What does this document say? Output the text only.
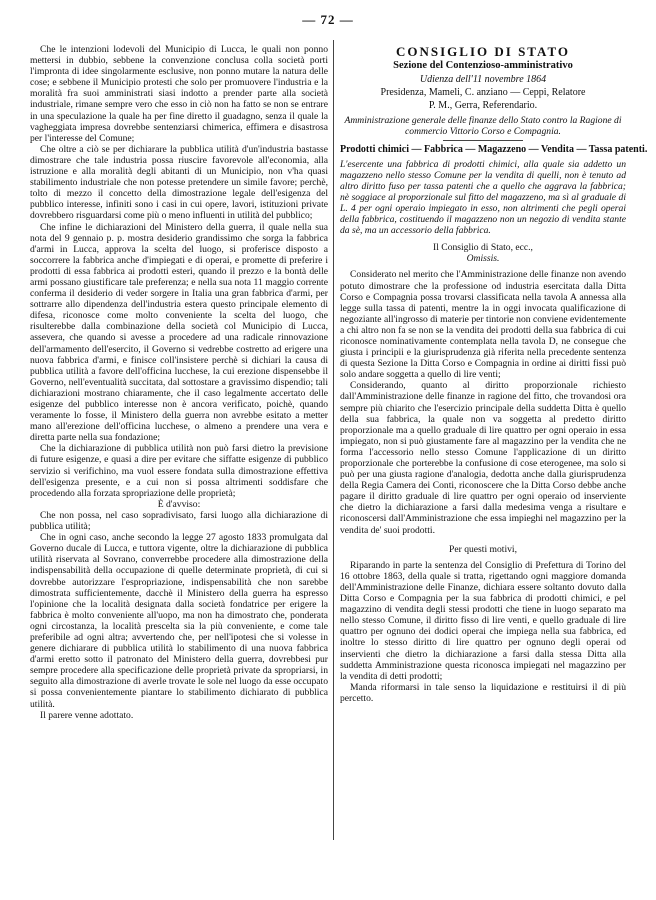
— 72 —

Che le intenzioni lodevoli del Municipio di Lucca, le quali non ponno mettersi in dubbio, sebbene la convenzione conclusa colla società porti l'impronta di idee singolarmente esclusive, non ponno mutare la natura delle cose; e sebbene il Municipio protesti che solo per promuovere l'industria e la moralità fra suoi amministrati siasi indotto a prender parte alla società industriale, rimane sempre vero che esso in ciò non ha fatto se non se entrare in una speculazione la quale ha per fine diretto il guadagno, senza il quale la vagheggiata impresa dovrebbe sentenziarsi chimerica, effimera e disastrosa per l'interesse del Comune;

Che oltre a ciò se per dichiarare la pubblica utilità d'un'industria bastasse dimostrare che tale industria possa riuscire favorevole all'economia, alla istruzione e alla moralità degli abitanti di un Municipio, non v'ha quasi stabilimento industriale che non potesse pretendere un simile favore; perchè, tolto di mezzo il concetto della dimostrazione legale dell'esigenza del pubblico interesse, infiniti sono i casi in cui opere, lavori, istituzioni private dovrebbero risguardarsi come più o meno influenti in utilità del pubblico;

Che infine le dichiarazioni del Ministero della guerra, il quale nella sua nota del 9 gennaio p. p. mostra desiderio grandissimo che sorga la fabbrica d'armi in Lucca, approva la scelta del luogo, si proferisce disposto a soccorrere la fabbrica anche d'impiegati e di operai, e promette di preferire i prodotti di essa fabbrica ai prodotti esteri, quando il prezzo e la bontà delle armi possano giustificare tale preferenza; e nella sua nota 11 maggio corrente conferma il desiderio di veder sorgere in Italia una gran fabbrica d'armi, per sottrarre allo dipendenza dell'industria estera questo principale elemento di difesa, riconosce come molto conveniente la scelta del luogo, che risulterebbe dalla combinazione della società col Municipio di Lucca, assevera, che quando si avesse a procedere ad una radicale rinnovazione dell'armamento dell'esercito, il Governo si vedrebbe costretto ad erigere una nuova fabbrica d'armi, e finisce coll'insistere perchè si dichiari la causa di pubblica utilità a favore dell'officina lucchese, la cui erezione dispensebbe il Governo, nell'eventualità succitata, dal sottostare a gravissimo dispendio; tali dichiarazioni mostrano chiaramente, che il caso legalmente accertato delle esigenze del pubblico interesse non è ancora verificato, poichè, quando veramente lo fosse, il Ministero della guerra non avrebbe esitato a metter mano all'erezione dell'officina lucchese, o almeno a prendere una vera e diretta parte nella sua fondazione;

Che la dichiarazione di pubblica utilità non può farsi dietro la previsione di future esigenze, e quasi a dire per evitare che siffatte esigenze di pubblico servizio si verifichino, ma vuol essere fondata sulla dimostrazione effettiva dell'esigenza presente, e a cui non si possa altrimenti soddisfare che procedendo alla forzata spropriazione delle proprietà;

È d'avviso:

Che non possa, nel caso sopradivisato, farsi luogo alla dichiarazione di pubblica utilità;

Che in ogni caso, anche secondo la legge 27 agosto 1833 promulgata dal Governo ducale di Lucca, e tuttora vigente, oltre la dichiarazione di pubblica utilità riservata al Sovrano, converrebbe procedere alla dimostrazione della indispensabilità della occupazione di quelle determinate proprietà, di cui si dovrebbe autorizzare l'espropriazione, indispensabilità che non sarebbe dimostrata sufficientemente, dacchè il Ministero della guerra ha espresso l'opinione che la località designata dalla società fondatrice per erigere la fabbrica è molto conveniente all'uopo, ma non ha dimostrato che, ponderata ogni circostanza, la località prescelta sia la più conveniente, e come tale preferibile ad ogni altra; avvertendo che, per nell'ipotesi che si volesse in genere dichiarare di pubblica utilità lo stabilimento di una nuova fabbrica d'armi eretto sotto il patronato del Ministero della guerra, dovrebbesi pur sempre procedere alla specificazione delle proprietà private da spropriarsi, in seguito alla dimostrazione di averle trovate le sole nel luogo da esse occupato si possa convenientemente piantare lo stabilimento dichiarato di pubblica utilità.

Il parere venne adottato.

CONSIGLIO DI STATO
Sezione del Contenzioso-amministrativo
Udienza dell'11 novembre 1864
Presidenza, Mameli, C. anziano — Ceppi, Relatore
P. M., Gerra, Referendario.
Amministrazione generale delle finanze dello Stato contro la Ragione di commercio Vittorio Corso e Compagnia.
Prodotti chimici — Fabbrica — Magazzeno — Vendita — Tassa patenti.
L'esercente una fabbrica di prodotti chimici, alla quale sia addetto un magazzeno nello stesso Comune per la vendita di quelli, non è tenuto ad altro diritto fuso per tassa patenti che a quello che aggrava la fabbrica; nè soggiace al proporzionale sul fitto del magazzeno, ma sì al graduale di L. 4 per ogni operaio impiegato in esso, non altrimenti che pegli operai della fabbrica, costituendo il magazzeno non un negozio di vendita stante da sè, ma un accessorio della fabbrica.

Il Consiglio di Stato, ecc.,

Omissis.

Considerato nel merito che l'Amministrazione delle finanze non avendo potuto dimostrare che la professione od industria esercitata dalla Ditta Corso e Compagnia possa trovarsi classificata nella tavola A annessa alla legge sulla tassa di patenti, mentre la in oggi invocata qualificazione di negoziante all'ingrosso di materie per tintorie non conviene evidentemente a chi altro non fa se non se la vendita dei prodotti della sua fabbrica di cui riconosce nominativamente contemplata nella tavola D, ne consegue che giusta i principii e la giurisprudenza già riferita nella precedente sentenza di questa Sezione la Ditta Corso e Compagnia in ordine ai diritti fissi può solo andare soggetta a quello di lire venti;

Considerando, quanto al diritto proporzionale richiesto dall'Amministrazione delle finanze in ragione del fitto, che trovandosi ora sempre più chiarito che l'esercizio principale della suddetta Ditta è quello della sua fabbrica, la quale non va soggetta al predetto diritto proporzionale ma a quello graduale di lire quattro per ogni operaio in essa impiegato, non si può giustamente fare al magazzino per la vendita che ne forma l'accessorio nello stesso Comune l'applicazione di un diritto proporzionale che porterebbe la confusione di cose eterogenee, ma solo si può per una giusta ragione d'analogia, dedotta anche dalla giurisprudenza della Regia Camera dei Conti, riconoscere che la Ditta Corso debbe anche pagare il diritto graduale di lire quattro per ogni operaio od inserviente che dietro la dichiarazione a farsi dalla medesima venga a risultare e riconoscersi dall'Amministrazione che essa impieghi nel magazzino per la vendita de' suoi prodotti.

Per questi motivi,

Riparando in parte la sentenza del Consiglio di Prefettura di Torino del 16 ottobre 1863, della quale si tratta, rigettando ogni maggiore domanda dell'Amministrazione delle Finanze, dichiara essere soltanto dovuto dalla Ditta Corso e Compagnia per la sua fabbrica di prodotti chimici, e pel magazzino di vendita degli stessi prodotti che tiene in luogo separato ma nello stesso Comune, il diritto fisso di lire venti, e quello graduale di lire quattro per ognuno dei dodici operai che impiega nella sua fabbrica, ed inoltre lo stesso diritto di lire quattro per ognuno degli operai od inservienti che dietro la dichiarazione a farsi dalla stessa Ditta alla suddetta Amministrazione questa riconosca impiegati nel magazzino per la vendita di detti prodotti;

Manda riformarsi in tale senso la liquidazione e restituirsi il di più percetto.
